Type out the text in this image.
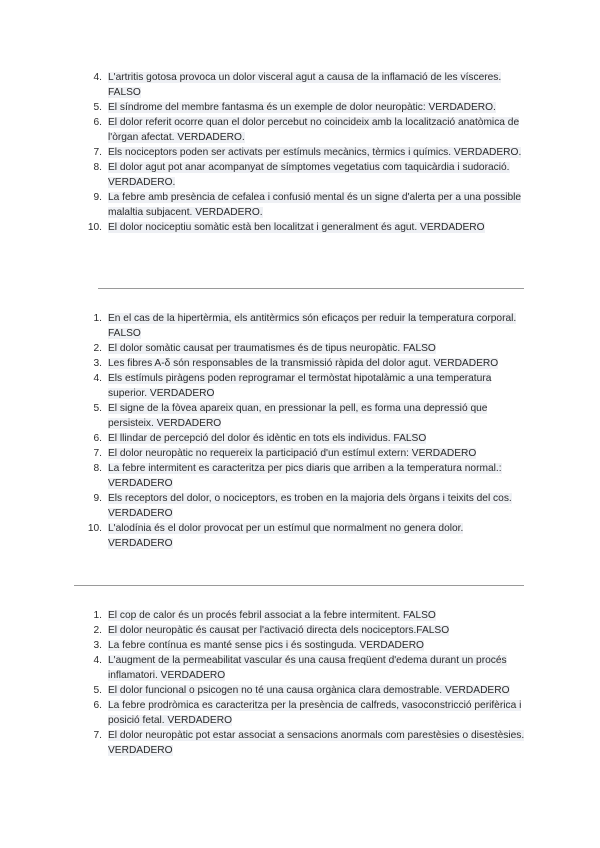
4. L'artritis gotosa provoca un dolor visceral agut a causa de la inflamació de les vísceres. FALSO
5. El síndrome del membre fantasma és un exemple de dolor neuropàtic: VERDADERO.
6. El dolor referit ocorre quan el dolor percebut no coincideix amb la localització anatòmica de l'òrgan afectat. VERDADERO.
7. Els nociceptors poden ser activats per estímuls mecànics, tèrmics i químics. VERDADERO.
8. El dolor agut pot anar acompanyat de símptomes vegetatius com taquicàrdia i sudoració. VERDADERO.
9. La febre amb presència de cefalea i confusió mental és un signe d'alerta per a una possible malaltia subjacent. VERDADERO.
10. El dolor nociceptiu somàtic està ben localitzat i generalment és agut. VERDADERO
1. En el cas de la hipertèrmia, els antitèrmics són eficaços per reduir la temperatura corporal. FALSO
2. El dolor somàtic causat per traumatismes és de tipus neuropàtic. FALSO
3. Les fibres A-δ són responsables de la transmissió ràpida del dolor agut. VERDADERO
4. Els estímuls piràgens poden reprogramar el termòstat hipotalàmic a una temperatura superior. VERDADERO
5. El signe de la fòvea apareix quan, en pressionar la pell, es forma una depressió que persisteix. VERDADERO
6. El llindar de percepció del dolor és idèntic en tots els individus. FALSO
7. El dolor neuropàtic no requereix la participació d'un estímul extern: VERDADERO
8. La febre intermitent es caracteritza per pics diaris que arriben a la temperatura normal.: VERDADERO
9. Els receptors del dolor, o nociceptors, es troben en la majoria dels òrgans i teixits del cos. VERDADERO
10. L'alodínia és el dolor provocat per un estímul que normalment no genera dolor. VERDADERO
1. El cop de calor és un procés febril associat a la febre intermitent. FALSO
2. El dolor neuropàtic és causat per l'activació directa dels nociceptors.FALSO
3. La febre contínua es manté sense pics i és sostinguda. VERDADERO
4. L'augment de la permeabilitat vascular és una causa freqüent d'edema durant un procés inflamatori. VERDADERO
5. El dolor funcional o psicogen no té una causa orgànica clara demostrable. VERDADERO
6. La febre prodròmica es caracteritza per la presència de calfreds, vasoconstricció perifèrica i posició fetal. VERDADERO
7. El dolor neuropàtic pot estar associat a sensacions anormals com parestèsies o disestèsies. VERDADERO
